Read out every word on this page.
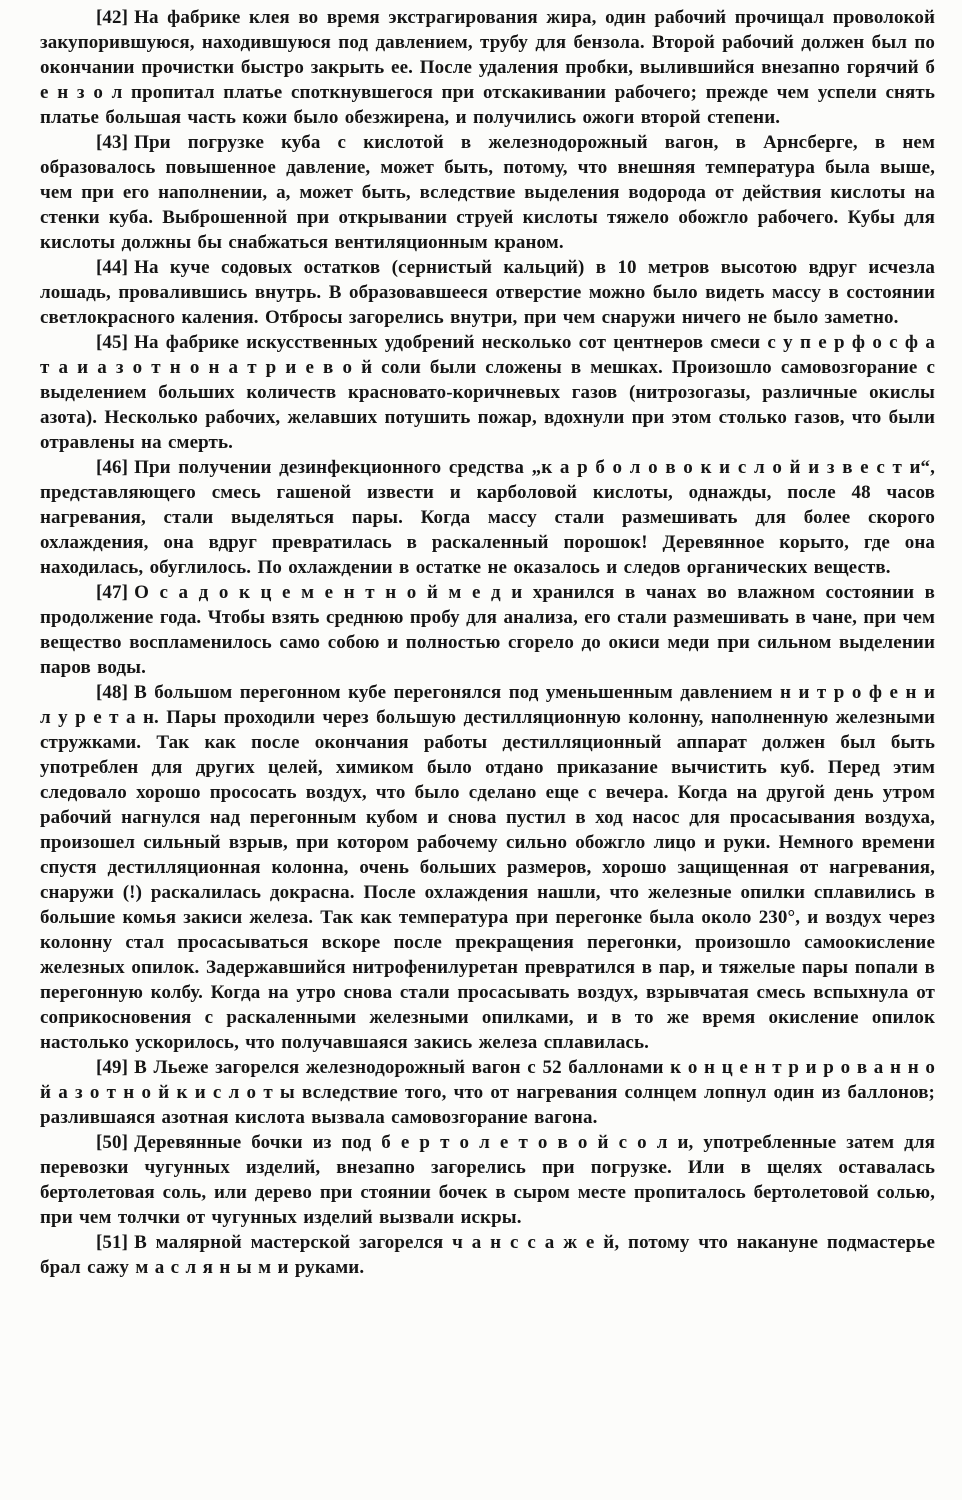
[42] На фабрике клея во время экстрагирования жира, один рабочий прочищал проволокой закупорившуюся, находившуюся под давлением, трубу для бензола. Второй рабочий должен был по окончании прочистки быстро закрыть ее. После удаления пробки, вылившийся внезапно горячий б е н з о л пропитал платье споткнувшегося при отскакивании рабочего; прежде чем успели снять платье большая часть кожи было обезжирена, и получились ожоги второй степени.

[43] При погрузке куба с кислотой в железнодорожный вагон, в Арнсберге, в нем образовалось повышенное давление, может быть, потому, что внешняя температура была выше, чем при его наполнении, а, может быть, вследствие выделения водорода от действия кислоты на стенки куба. Выброшенной при открывании струей кислоты тяжело обожгло рабочего. Кубы для кислоты должны бы снабжаться вентиляционным краном.

[44] На куче содовых остатков (сернистый кальций) в 10 метров высотою вдруг исчезла лошадь, провалившись внутрь. В образовавшееся отверстие можно было видеть массу в состоянии светлокрасного каления. Отбросы загорелись внутри, при чем снаружи ничего не было заметно.

[45] На фабрике искусственных удобрений несколько сот центнеров смеси с у п е р ф о с ф а т а и а з о т н о н а т р и е в о й соли были сложены в мешках. Произошло самовозгорание с выделением больших количеств красновато-коричневых газов (нитрозогазы, различные окислы азота). Несколько рабочих, желавших потушить пожар, вдохнули при этом столько газов, что были отравлены на смерть.

[46] При получении дезинфекционного средства „к а р б о л о в о к и с л о й и з в е с т и“, представляющего смесь гашеной извести и карболовой кислоты, однажды, после 48 часов нагревания, стали выделяться пары. Когда массу стали размешивать для более скорого охлаждения, она вдруг превратилась в раскаленный порошок! Деревянное корыто, где она находилась, обуглилось. По охлаждении в остатке не оказалось и следов органических веществ.

[47] О с а д о к ц е м е н т н о й м е д и хранился в чанах во влажном состоянии в продолжение года. Чтобы взять среднюю пробу для анализа, его стали размешивать в чане, при чем вещество воспламенилось само собою и полностью сгорело до окиси меди при сильном выделении паров воды.

[48] В большом перегонном кубе перегонялся под уменьшенным давлением н и т р о ф е н и л у р е т а н. Пары проходили через большую дестилляционную колонну, наполненную железными стружками. Так как после окончания работы дестилляционный аппарат должен был быть употреблен для других целей, химиком было отдано приказание вычистить куб. Перед этим следовало хорошо прососать воздух, что было сделано еще с вечера. Когда на другой день утром рабочий нагнулся над перегонным кубом и снова пустил в ход насос для просасывания воздуха, произошел сильный взрыв, при котором рабочему сильно обожгло лицо и руки. Немного времени спустя дестилляционная колонна, очень больших размеров, хорошо защищенная от нагревания, снаружи (!) раскалилась докрасна. После охлаждения нашли, что железные опилки сплавились в большие комья закиси железа. Так как температура при перегонке была около 230°, и воздух через колонну стал просасываться вскоре после прекращения перегонки, произошло самоокисление железных опилок. Задержавшийся нитрофенилуретан превратился в пар, и тяжелые пары попали в перегонную колбу. Когда на утро снова стали просасывать воздух, взрывчатая смесь вспыхнула от соприкосновения с раскаленными железными опилками, и в то же время окисление опилок настолько ускорилось, что получавшаяся закись железа сплавилась.

[49] В Льеже загорелся железнодорожный вагон с 52 баллонами к о н ц е н т р и р о в а н н о й а з о т н о й к и с л о т ы вследствие того, что от нагревания солнцем лопнул один из баллонов; разлившаяся азотная кислота вызвала самовозгорание вагона.

[50] Деревянные бочки из под б е р т о л е т о в о й с о л и, употребленные затем для перевозки чугунных изделий, внезапно загорелись при погрузке. Или в щелях оставалась бертолетовая соль, или дерево при стоянии бочек в сыром месте пропиталось бертолетовой солью, при чем толчки от чугунных изделий вызвали искры.

[51] В малярной мастерской загорелся ч а н с с а ж е й, потому что накануне подмастерье брал сажу м а с л я н ы м и руками.
